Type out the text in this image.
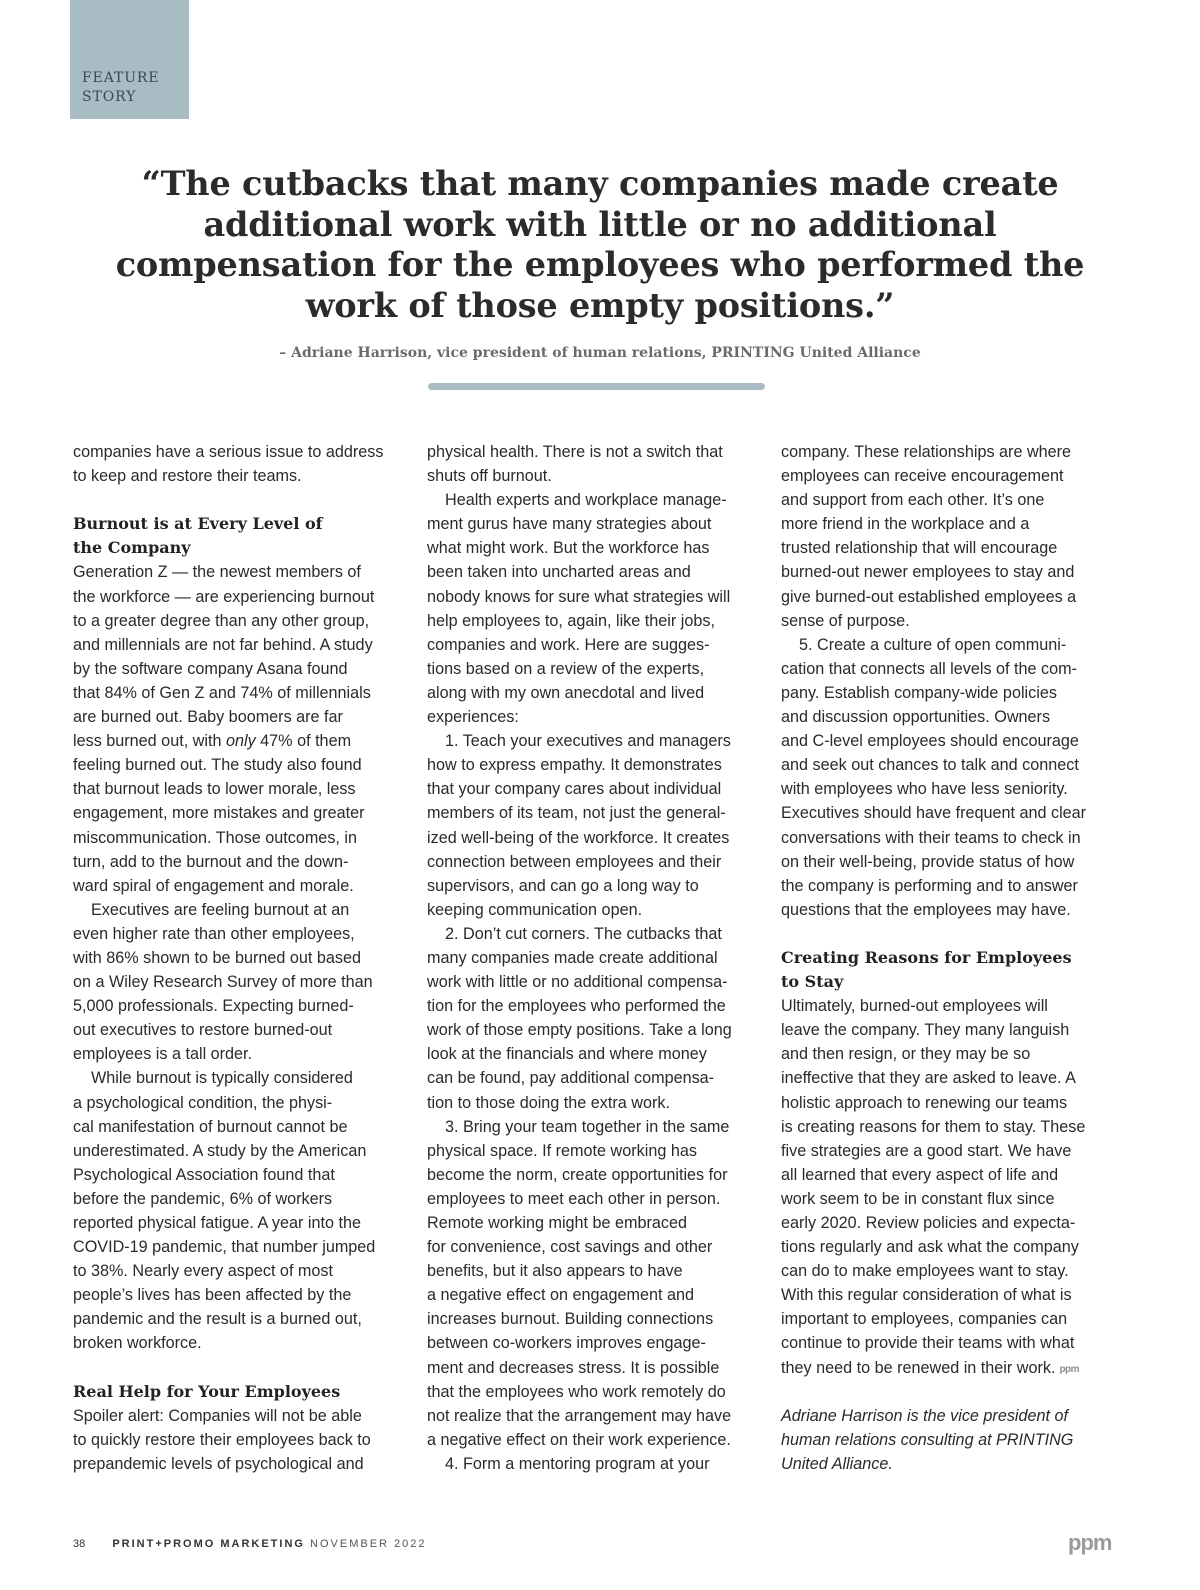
FEATURE
STORY
“The cutbacks that many companies made create
additional work with little or no additional
compensation for the employees who performed the
work of those empty positions.”
– Adriane Harrison, vice president of human relations, PRINTING United Alliance
companies have a serious issue to address
to keep and restore their teams.
Burnout is at Every Level of
the Company
Generation Z — the newest members of
the workforce — are experiencing burnout
to a greater degree than any other group,
and millennials are not far behind. A study
by the software company Asana found
that 84% of Gen Z and 74% of millennials
are burned out. Baby boomers are far
less burned out, with only 47% of them
feeling burned out. The study also found
that burnout leads to lower morale, less
engagement, more mistakes and greater
miscommunication. Those outcomes, in
turn, add to the burnout and the down-
ward spiral of engagement and morale.
Executives are feeling burnout at an
even higher rate than other employees,
with 86% shown to be burned out based
on a Wiley Research Survey of more than
5,000 professionals. Expecting burned-
out executives to restore burned-out
employees is a tall order.
While burnout is typically considered
a psychological condition, the physi-
cal manifestation of burnout cannot be
underestimated. A study by the American
Psychological Association found that
before the pandemic, 6% of workers
reported physical fatigue. A year into the
COVID-19 pandemic, that number jumped
to 38%. Nearly every aspect of most
people’s lives has been affected by the
pandemic and the result is a burned out,
broken workforce.
Real Help for Your Employees
Spoiler alert: Companies will not be able
to quickly restore their employees back to
prepandemic levels of psychological and
physical health. There is not a switch that
shuts off burnout.
Health experts and workplace manage-
ment gurus have many strategies about
what might work. But the workforce has
been taken into uncharted areas and
nobody knows for sure what strategies will
help employees to, again, like their jobs,
companies and work. Here are sugges-
tions based on a review of the experts,
along with my own anecdotal and lived
experiences:
1. Teach your executives and managers
how to express empathy. It demonstrates
that your company cares about individual
members of its team, not just the general-
ized well-being of the workforce. It creates
connection between employees and their
supervisors, and can go a long way to
keeping communication open.
2. Don’t cut corners. The cutbacks that
many companies made create additional
work with little or no additional compensa-
tion for the employees who performed the
work of those empty positions. Take a long
look at the financials and where money
can be found, pay additional compensa-
tion to those doing the extra work.
3. Bring your team together in the same
physical space. If remote working has
become the norm, create opportunities for
employees to meet each other in person.
Remote working might be embraced
for convenience, cost savings and other
benefits, but it also appears to have
a negative effect on engagement and
increases burnout. Building connections
between co-workers improves engage-
ment and decreases stress. It is possible
that the employees who work remotely do
not realize that the arrangement may have
a negative effect on their work experience.
4. Form a mentoring program at your
company. These relationships are where
employees can receive encouragement
and support from each other. It’s one
more friend in the workplace and a
trusted relationship that will encourage
burned-out newer employees to stay and
give burned-out established employees a
sense of purpose.
5. Create a culture of open communi-
cation that connects all levels of the com-
pany. Establish company-wide policies
and discussion opportunities. Owners
and C-level employees should encourage
and seek out chances to talk and connect
with employees who have less seniority.
Executives should have frequent and clear
conversations with their teams to check in
on their well-being, provide status of how
the company is performing and to answer
questions that the employees may have.
Creating Reasons for Employees
to Stay
Ultimately, burned-out employees will
leave the company. They many languish
and then resign, or they may be so
ineffective that they are asked to leave. A
holistic approach to renewing our teams
is creating reasons for them to stay. These
five strategies are a good start. We have
all learned that every aspect of life and
work seem to be in constant flux since
early 2020. Review policies and expecta-
tions regularly and ask what the company
can do to make employees want to stay.
With this regular consideration of what is
important to employees, companies can
continue to provide their teams with what
they need to be renewed in their work. ppm
Adriane Harrison is the vice president of
human relations consulting at PRINTING
United Alliance.
38 PRINT+PROMO MARKETING NOVEMBER 2022	ppm
